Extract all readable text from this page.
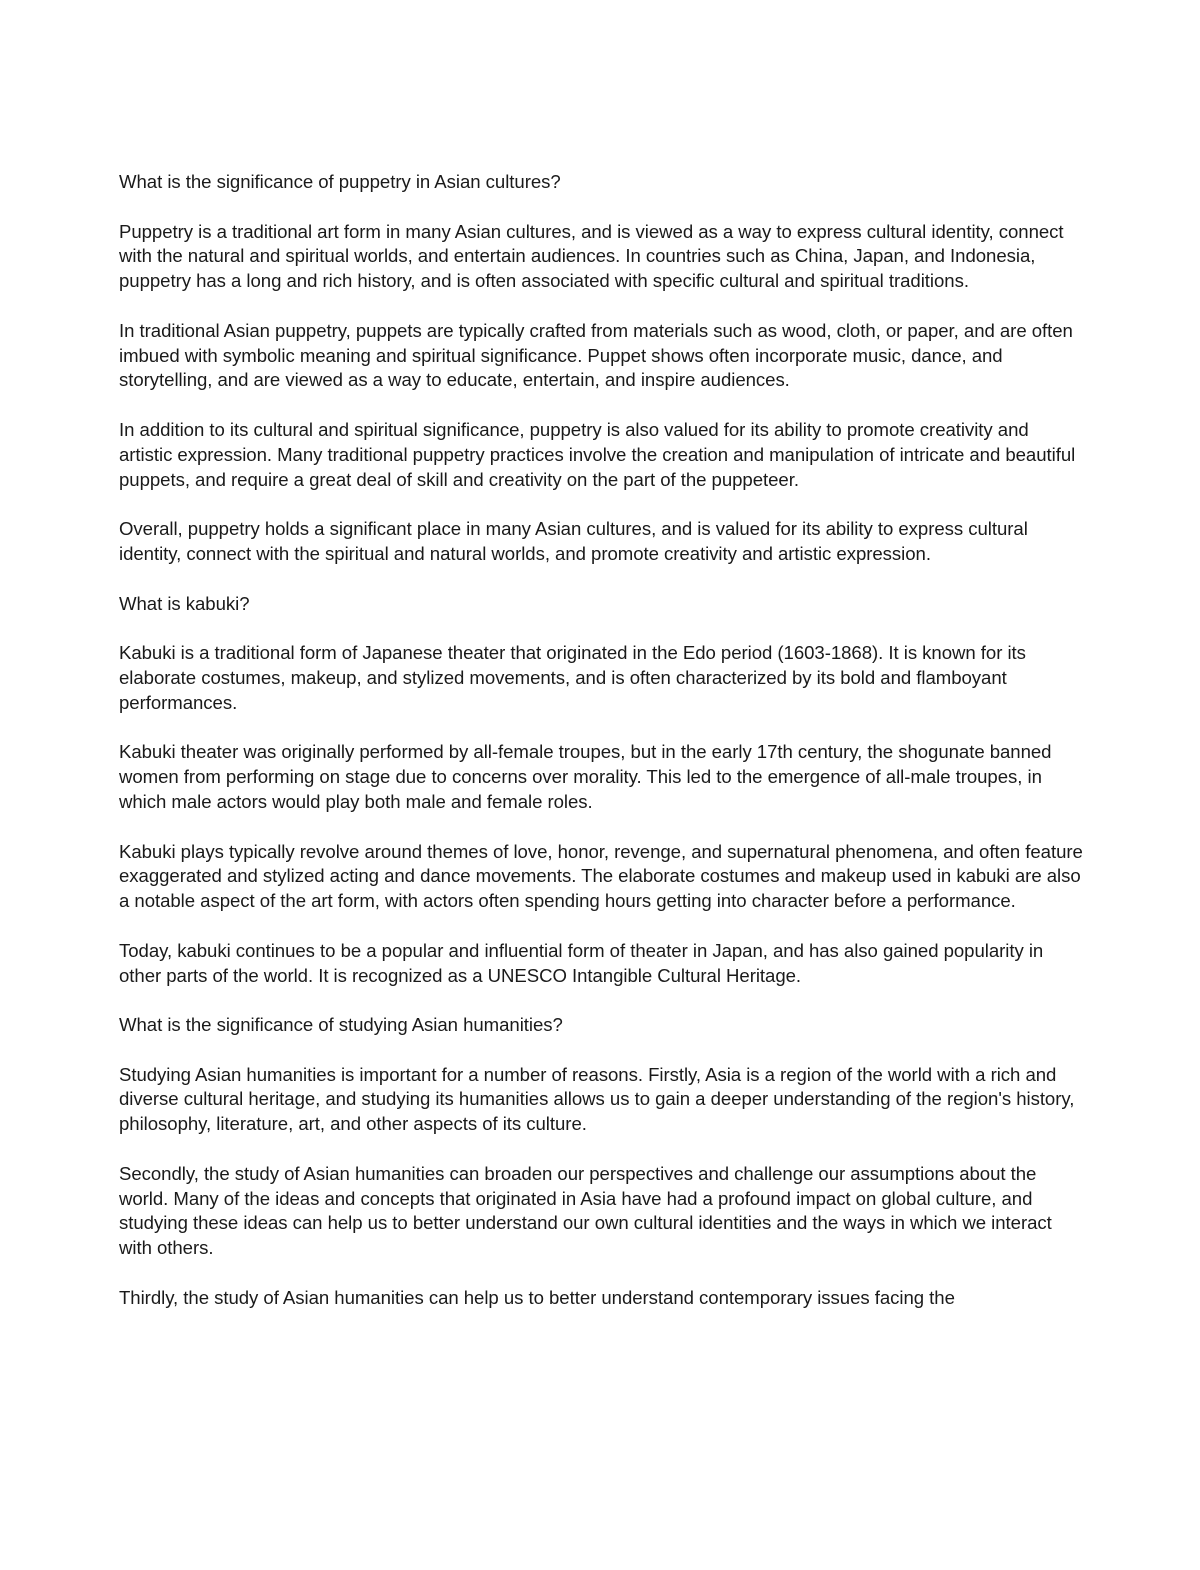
What is the significance of puppetry in Asian cultures?

Puppetry is a traditional art form in many Asian cultures, and is viewed as a way to express cultural identity, connect with the natural and spiritual worlds, and entertain audiences. In countries such as China, Japan, and Indonesia, puppetry has a long and rich history, and is often associated with specific cultural and spiritual traditions.

In traditional Asian puppetry, puppets are typically crafted from materials such as wood, cloth, or paper, and are often imbued with symbolic meaning and spiritual significance. Puppet shows often incorporate music, dance, and storytelling, and are viewed as a way to educate, entertain, and inspire audiences.

In addition to its cultural and spiritual significance, puppetry is also valued for its ability to promote creativity and artistic expression. Many traditional puppetry practices involve the creation and manipulation of intricate and beautiful puppets, and require a great deal of skill and creativity on the part of the puppeteer.

Overall, puppetry holds a significant place in many Asian cultures, and is valued for its ability to express cultural identity, connect with the spiritual and natural worlds, and promote creativity and artistic expression.

What is kabuki?

Kabuki is a traditional form of Japanese theater that originated in the Edo period (1603-1868). It is known for its elaborate costumes, makeup, and stylized movements, and is often characterized by its bold and flamboyant performances.

Kabuki theater was originally performed by all-female troupes, but in the early 17th century, the shogunate banned women from performing on stage due to concerns over morality. This led to the emergence of all-male troupes, in which male actors would play both male and female roles.

Kabuki plays typically revolve around themes of love, honor, revenge, and supernatural phenomena, and often feature exaggerated and stylized acting and dance movements. The elaborate costumes and makeup used in kabuki are also a notable aspect of the art form, with actors often spending hours getting into character before a performance.

Today, kabuki continues to be a popular and influential form of theater in Japan, and has also gained popularity in other parts of the world. It is recognized as a UNESCO Intangible Cultural Heritage.

What is the significance of studying Asian humanities?

Studying Asian humanities is important for a number of reasons. Firstly, Asia is a region of the world with a rich and diverse cultural heritage, and studying its humanities allows us to gain a deeper understanding of the region's history, philosophy, literature, art, and other aspects of its culture.

Secondly, the study of Asian humanities can broaden our perspectives and challenge our assumptions about the world. Many of the ideas and concepts that originated in Asia have had a profound impact on global culture, and studying these ideas can help us to better understand our own cultural identities and the ways in which we interact with others.

Thirdly, the study of Asian humanities can help us to better understand contemporary issues facing the
